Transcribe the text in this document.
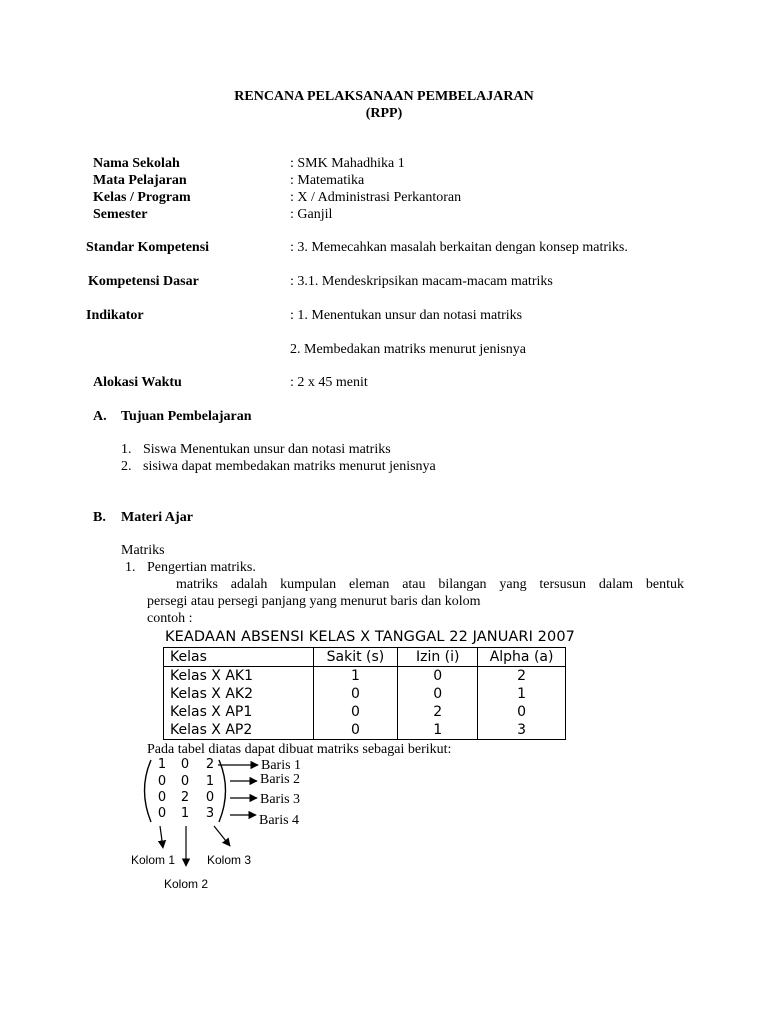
RENCANA PELAKSANAAN PEMBELAJARAN
(RPP)
Nama Sekolah	: SMK Mahadhika 1
Mata Pelajaran	: Matematika
Kelas / Program	: X / Administrasi Perkantoran
Semester	: Ganjil
Standar Kompetensi	: 3. Memecahkan masalah berkaitan dengan konsep matriks.
Kompetensi Dasar	: 3.1. Mendeskripsikan macam-macam matriks
Indikator	: 1. Menentukan unsur dan notasi matriks
2. Membedakan matriks menurut jenisnya
Alokasi Waktu	: 2 x 45 menit
A. Tujuan Pembelajaran
1. Siswa Menentukan unsur dan notasi matriks
2. sisiwa dapat membedakan matriks menurut jenisnya
B. Materi Ajar
Matriks
1. Pengertian matriks.
matriks adalah kumpulan eleman atau bilangan yang tersusun dalam bentuk
persegi atau persegi panjang yang menurut baris dan kolom
contoh :
KEADAAN ABSENSI KELAS X TANGGAL 22 JANUARI 2007
Kelas	Sakit (s)	Izin (i)	Alpha (a)
Kelas X AK1	1	0	2
Kelas X AK2	0	0	1
Kelas X AP1	0	2	0
Kelas X AP2	0	1	3
Pada tabel diatas dapat dibuat matriks sebagai berikut:
1 0 2
0 0 1
0 2 0
0 1 3
Baris 1
Baris 2
Baris 3
Baris 4
Kolom 1
Kolom 2
Kolom 3
